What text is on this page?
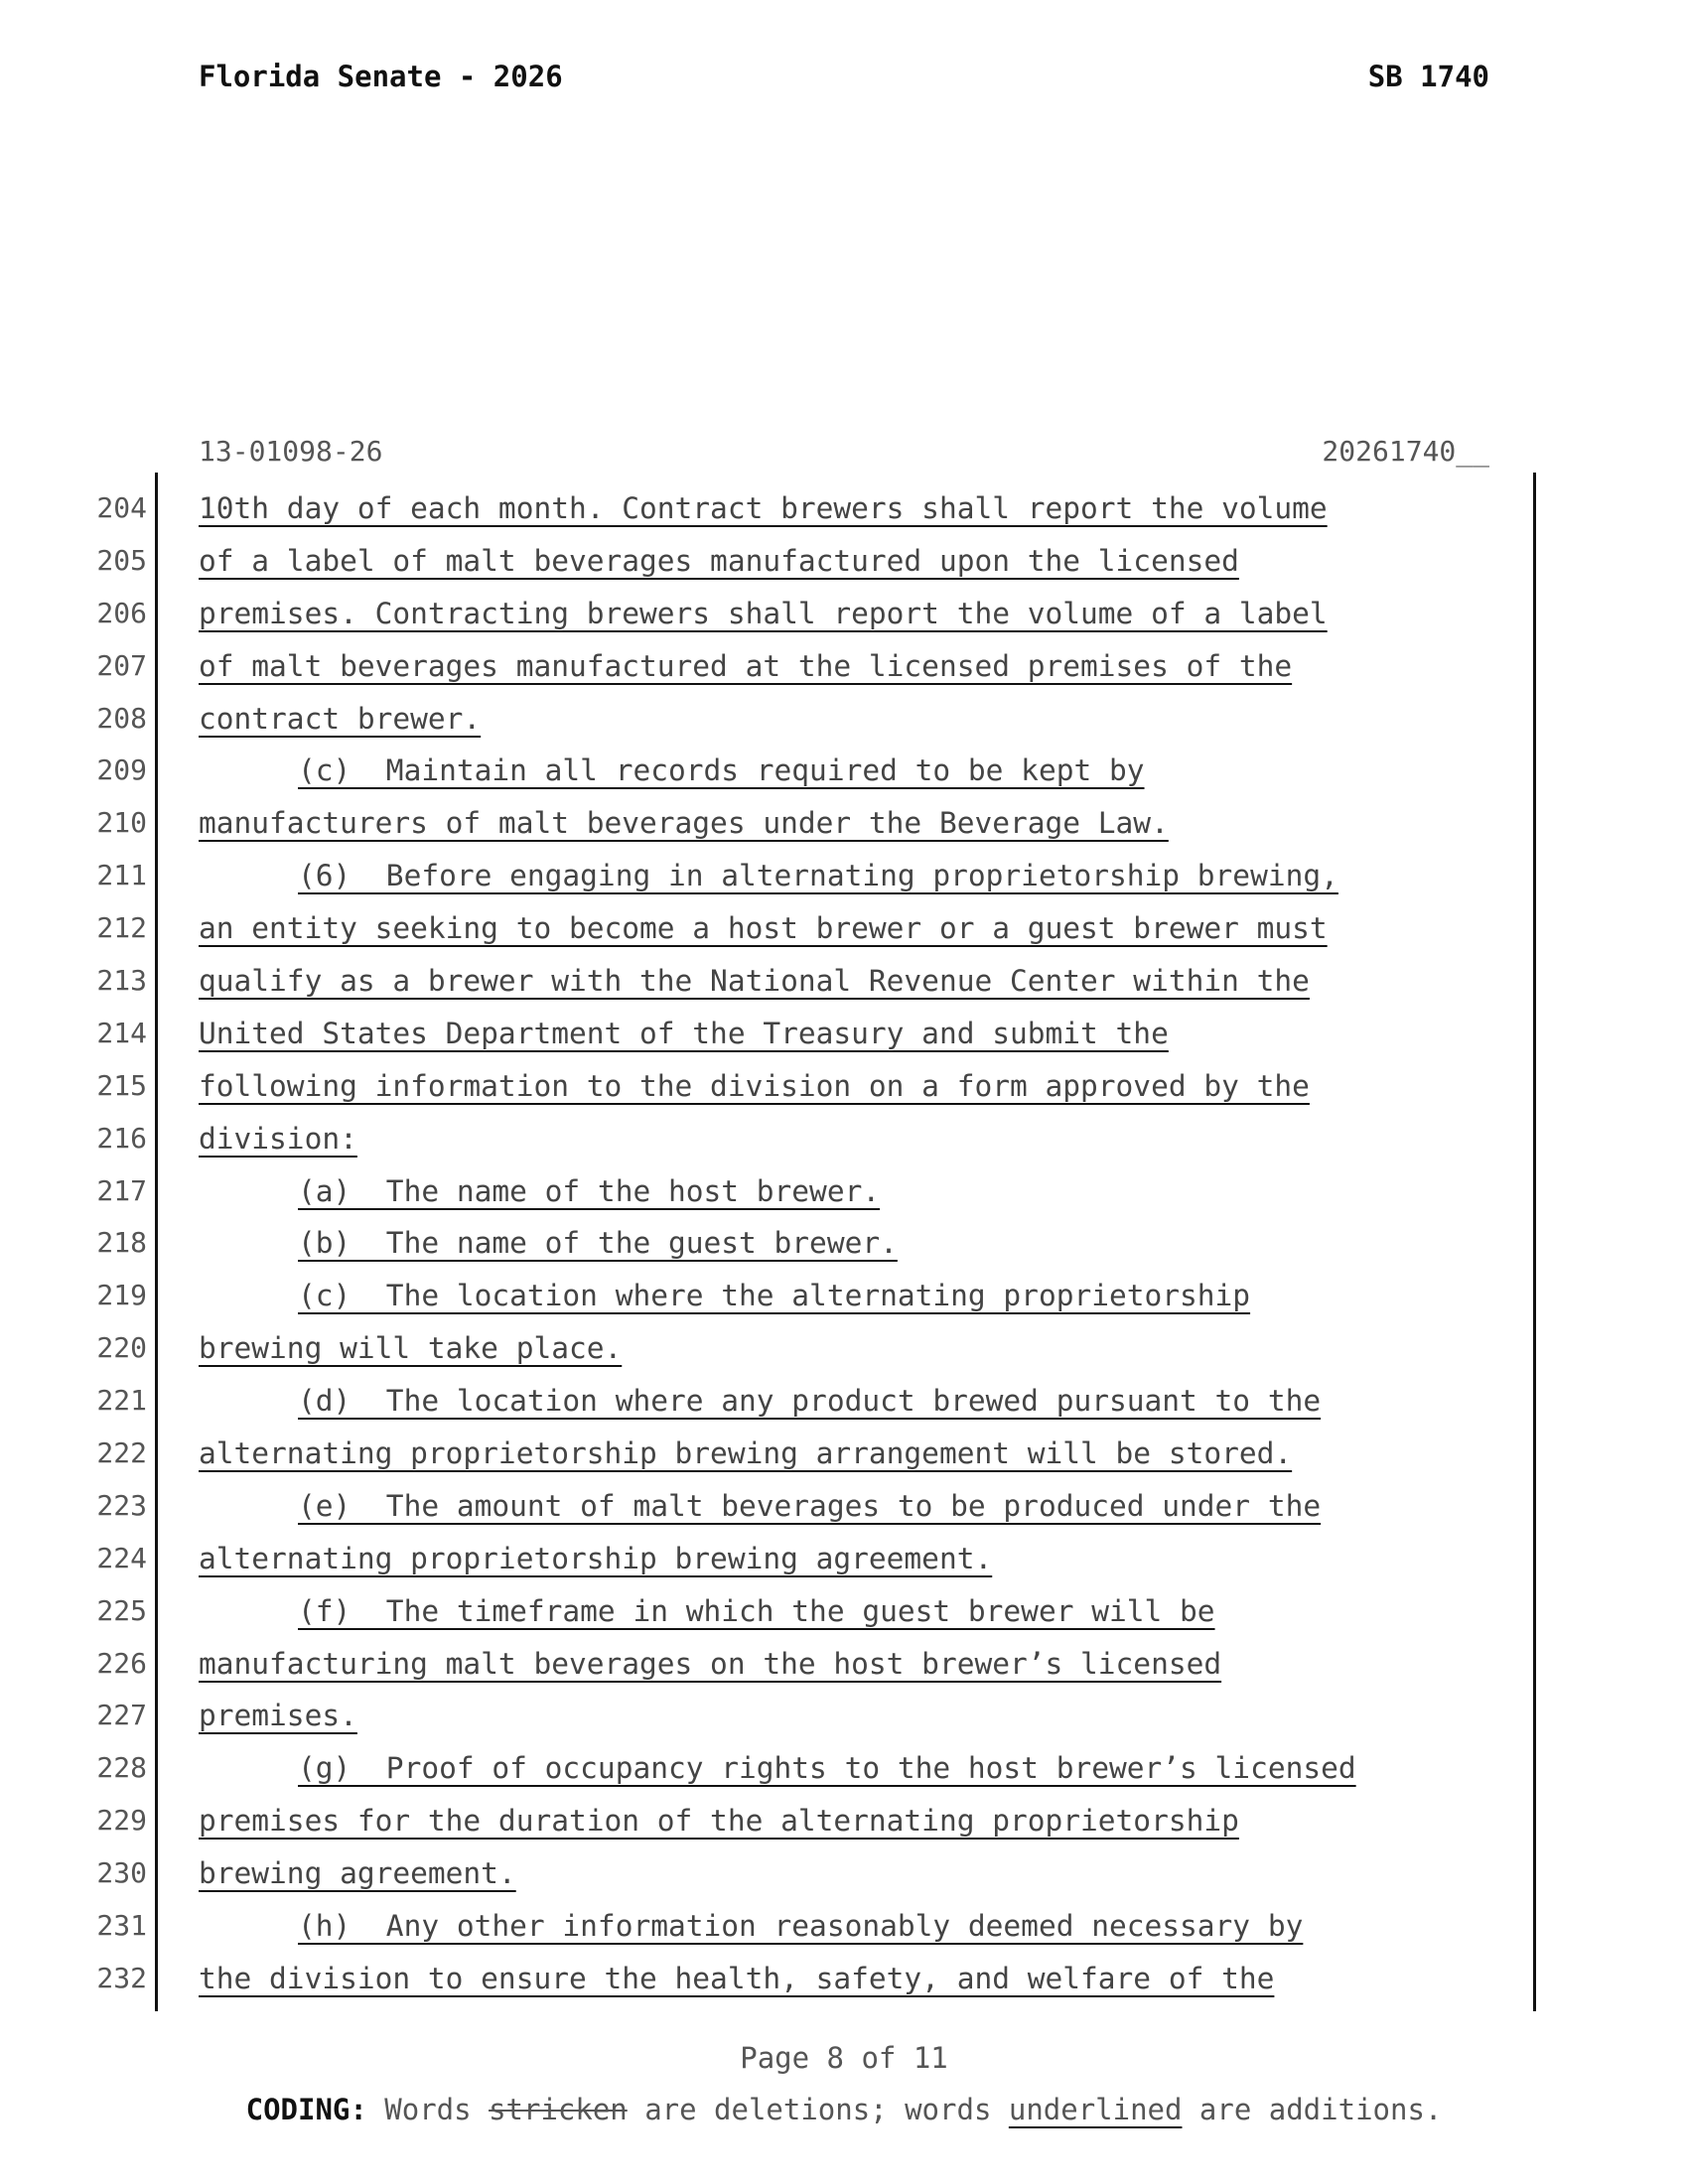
Florida Senate - 2026	SB 1740
13-01098-26	20261740__
204 10th day of each month. Contract brewers shall report the volume
205 of a label of malt beverages manufactured upon the licensed
206 premises. Contracting brewers shall report the volume of a label
207 of malt beverages manufactured at the licensed premises of the
208 contract brewer.
209	(c)  Maintain all records required to be kept by
210 manufacturers of malt beverages under the Beverage Law.
211	(6)  Before engaging in alternating proprietorship brewing,
212 an entity seeking to become a host brewer or a guest brewer must
213 qualify as a brewer with the National Revenue Center within the
214 United States Department of the Treasury and submit the
215 following information to the division on a form approved by the
216 division:
217	(a)  The name of the host brewer.
218	(b)  The name of the guest brewer.
219	(c)  The location where the alternating proprietorship
220 brewing will take place.
221	(d)  The location where any product brewed pursuant to the
222 alternating proprietorship brewing arrangement will be stored.
223	(e)  The amount of malt beverages to be produced under the
224 alternating proprietorship brewing agreement.
225	(f)  The timeframe in which the guest brewer will be
226 manufacturing malt beverages on the host brewer’s licensed
227 premises.
228	(g)  Proof of occupancy rights to the host brewer’s licensed
229 premises for the duration of the alternating proprietorship
230 brewing agreement.
231	(h)  Any other information reasonably deemed necessary by
232 the division to ensure the health, safety, and welfare of the
Page 8 of 11
CODING: Words stricken are deletions; words underlined are additions.
